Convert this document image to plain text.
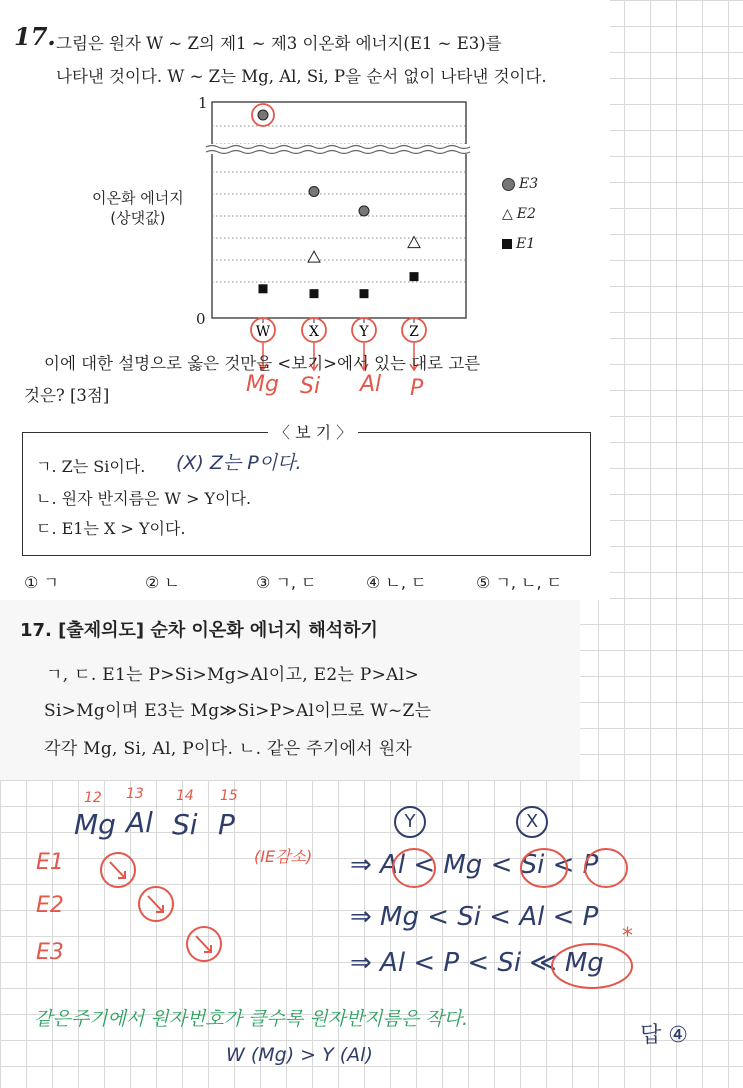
17. 그림은 원자 W ~ Z의 제1 ~ 제3 이온화 에너지(E1 ~ E3)를
나타낸 것이다. W ~ Z는 Mg, Al, Si, P을 순서 없이 나타낸 것이다.
W	X	Y	Z
이온화 에너지
(상댓값)
1
0
E3
△ E2
E1
Mg Si Al P
이에 대한 설명으로 옳은 것만을 <보기>에서 있는 대로 고른
것은? [3점]
〈 보 기 〉
ㄱ. Z는 Si이다. (X) Z는 P이다.
ㄴ. 원자 반지름은 W > Y이다.
ㄷ. E1는 X > Y이다.
① ㄱ	② ㄴ	③ ㄱ, ㄷ	④ ㄴ, ㄷ	⑤ ㄱ, ㄴ, ㄷ
17. [출제의도] 순차 이온화 에너지 해석하기
ㄱ, ㄷ. E1는 P>Si>Mg>Al이고, E2는 P>Al>
Si>Mg이며 E3는 Mg≫Si>P>Al이므로 W~Z는
각각 Mg, Si, Al, P이다. ㄴ. 같은 주기에서 원자
12 13 14 15
Mg Al Si P
E1
E2
E3
(IE감소)
Y	X
⇒ Al < Mg < Si < P
⇒ Mg < Si < Al < P
⇒ Al < P < Si ≪ Mg
*
같은주기에서 원자번호가 클수록 원자반지름은 작다.
W (Mg) > Y (Al)
답 ④
